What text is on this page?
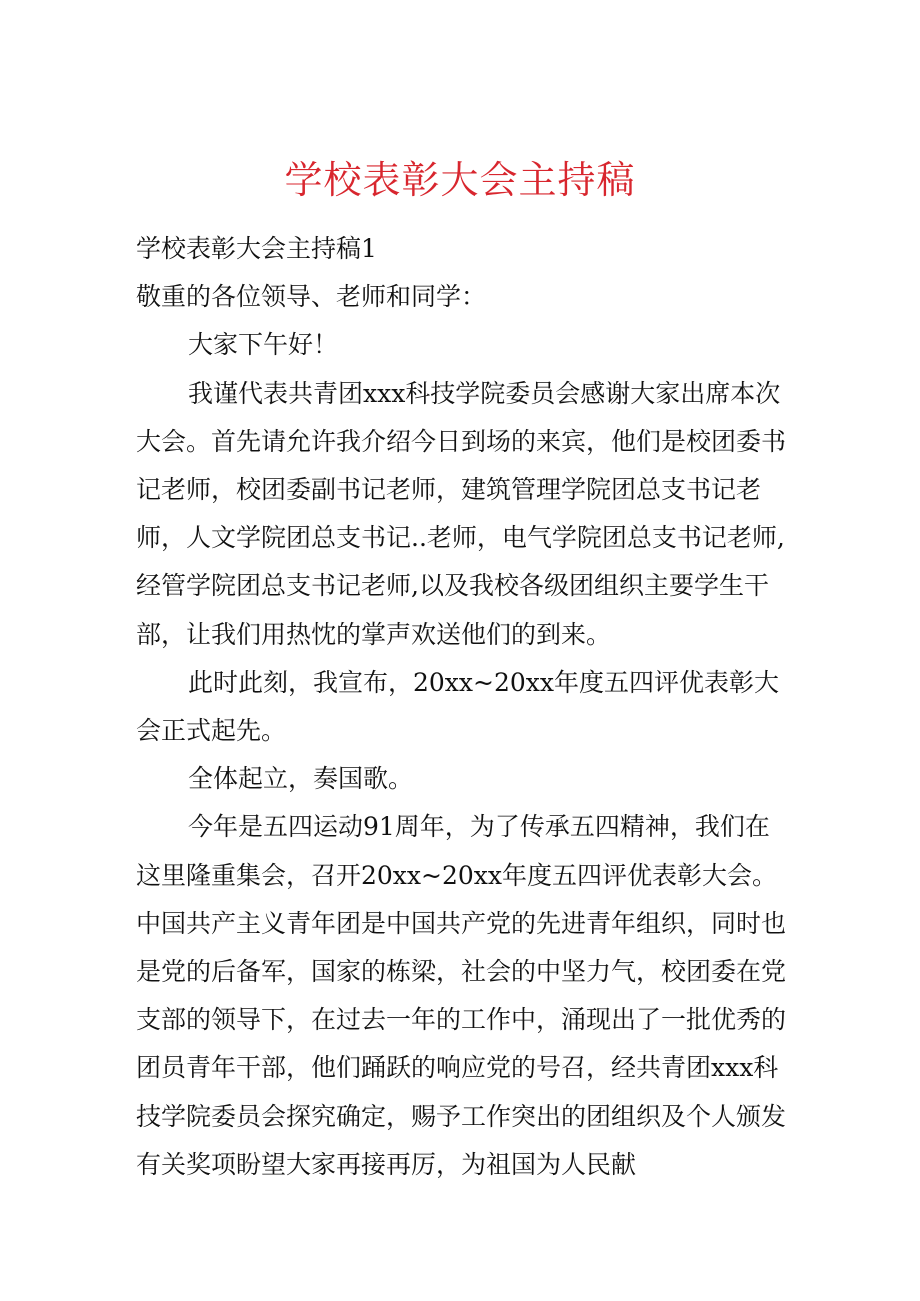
学校表彰大会主持稿

学校表彰大会主持稿1

敬重的各位领导、老师和同学：

大家下午好！

我谨代表共青团xxx科技学院委员会感谢大家出席本次大会。首先请允许我介绍今日到场的来宾，他们是校团委书记老师，校团委副书记老师，建筑管理学院团总支书记老师，人文学院团总支书记..老师，电气学院团总支书记老师,经管学院团总支书记老师,以及我校各级团组织主要学生干部，让我们用热忱的掌声欢送他们的到来。

此时此刻，我宣布，20xx~20xx年度五四评优表彰大会正式起先。

全体起立，奏国歌。

今年是五四运动91周年，为了传承五四精神，我们在这里隆重集会，召开20xx~20xx年度五四评优表彰大会。中国共产主义青年团是中国共产党的先进青年组织，同时也是党的后备军，国家的栋梁，社会的中坚力气，校团委在党支部的领导下，在过去一年的工作中，涌现出了一批优秀的团员青年干部，他们踊跃的响应党的号召，经共青团xxx科技学院委员会探究确定，赐予工作突出的团组织及个人颁发有关奖项盼望大家再接再厉，为祖国为人民献
